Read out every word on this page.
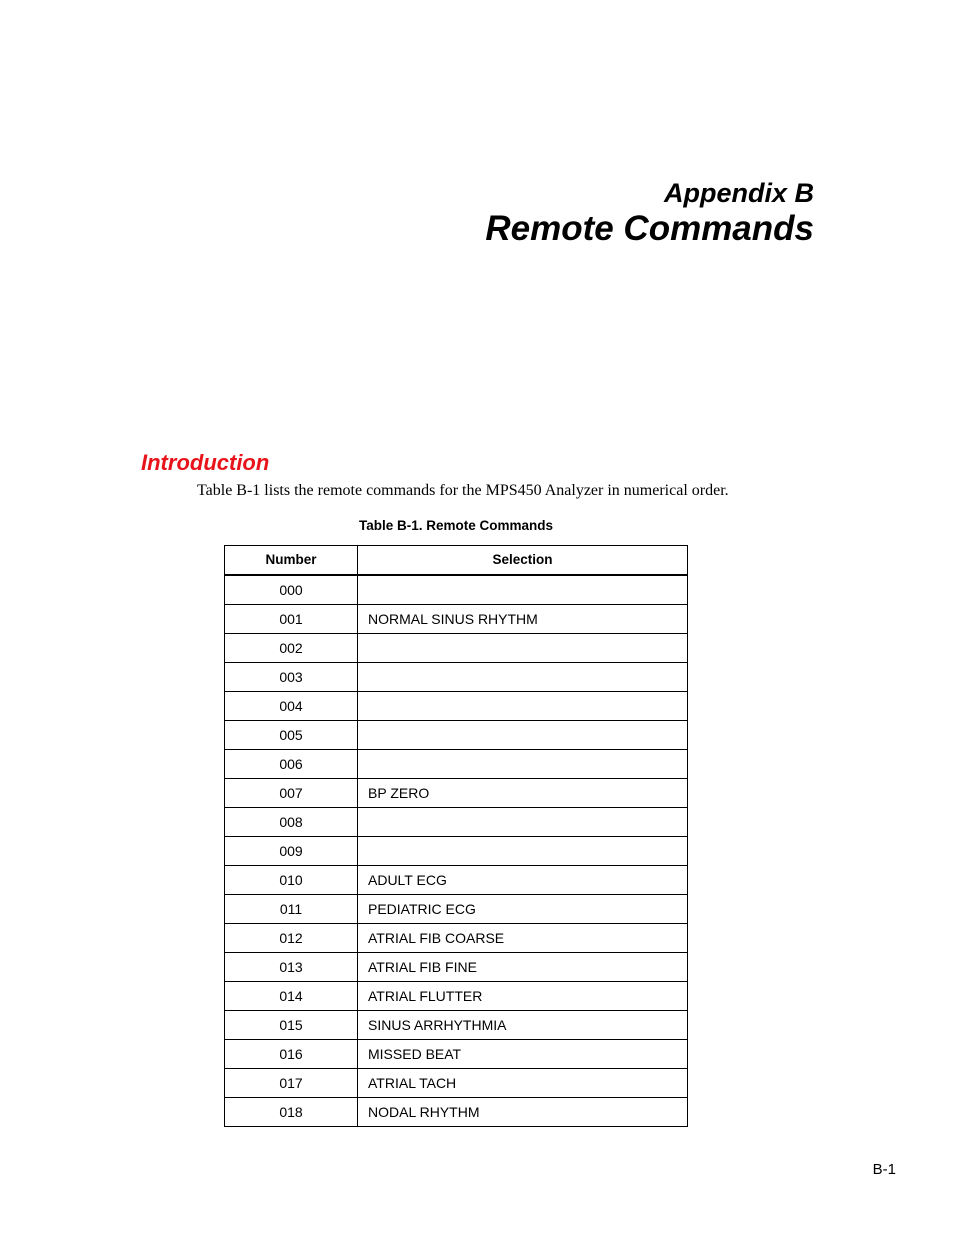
Appendix B
Remote Commands
Introduction

Table B-1 lists the remote commands for the MPS450 Analyzer in numerical order.

Table B-1. Remote Commands
Number	Selection
000	
001	NORMAL SINUS RHYTHM
002	
003	
004	
005	
006	
007	BP ZERO
008	
009	
010	ADULT ECG
011	PEDIATRIC ECG
012	ATRIAL FIB COARSE
013	ATRIAL FIB FINE
014	ATRIAL FLUTTER
015	SINUS ARRHYTHMIA
016	MISSED BEAT
017	ATRIAL TACH
018	NODAL RHYTHM
B-1
